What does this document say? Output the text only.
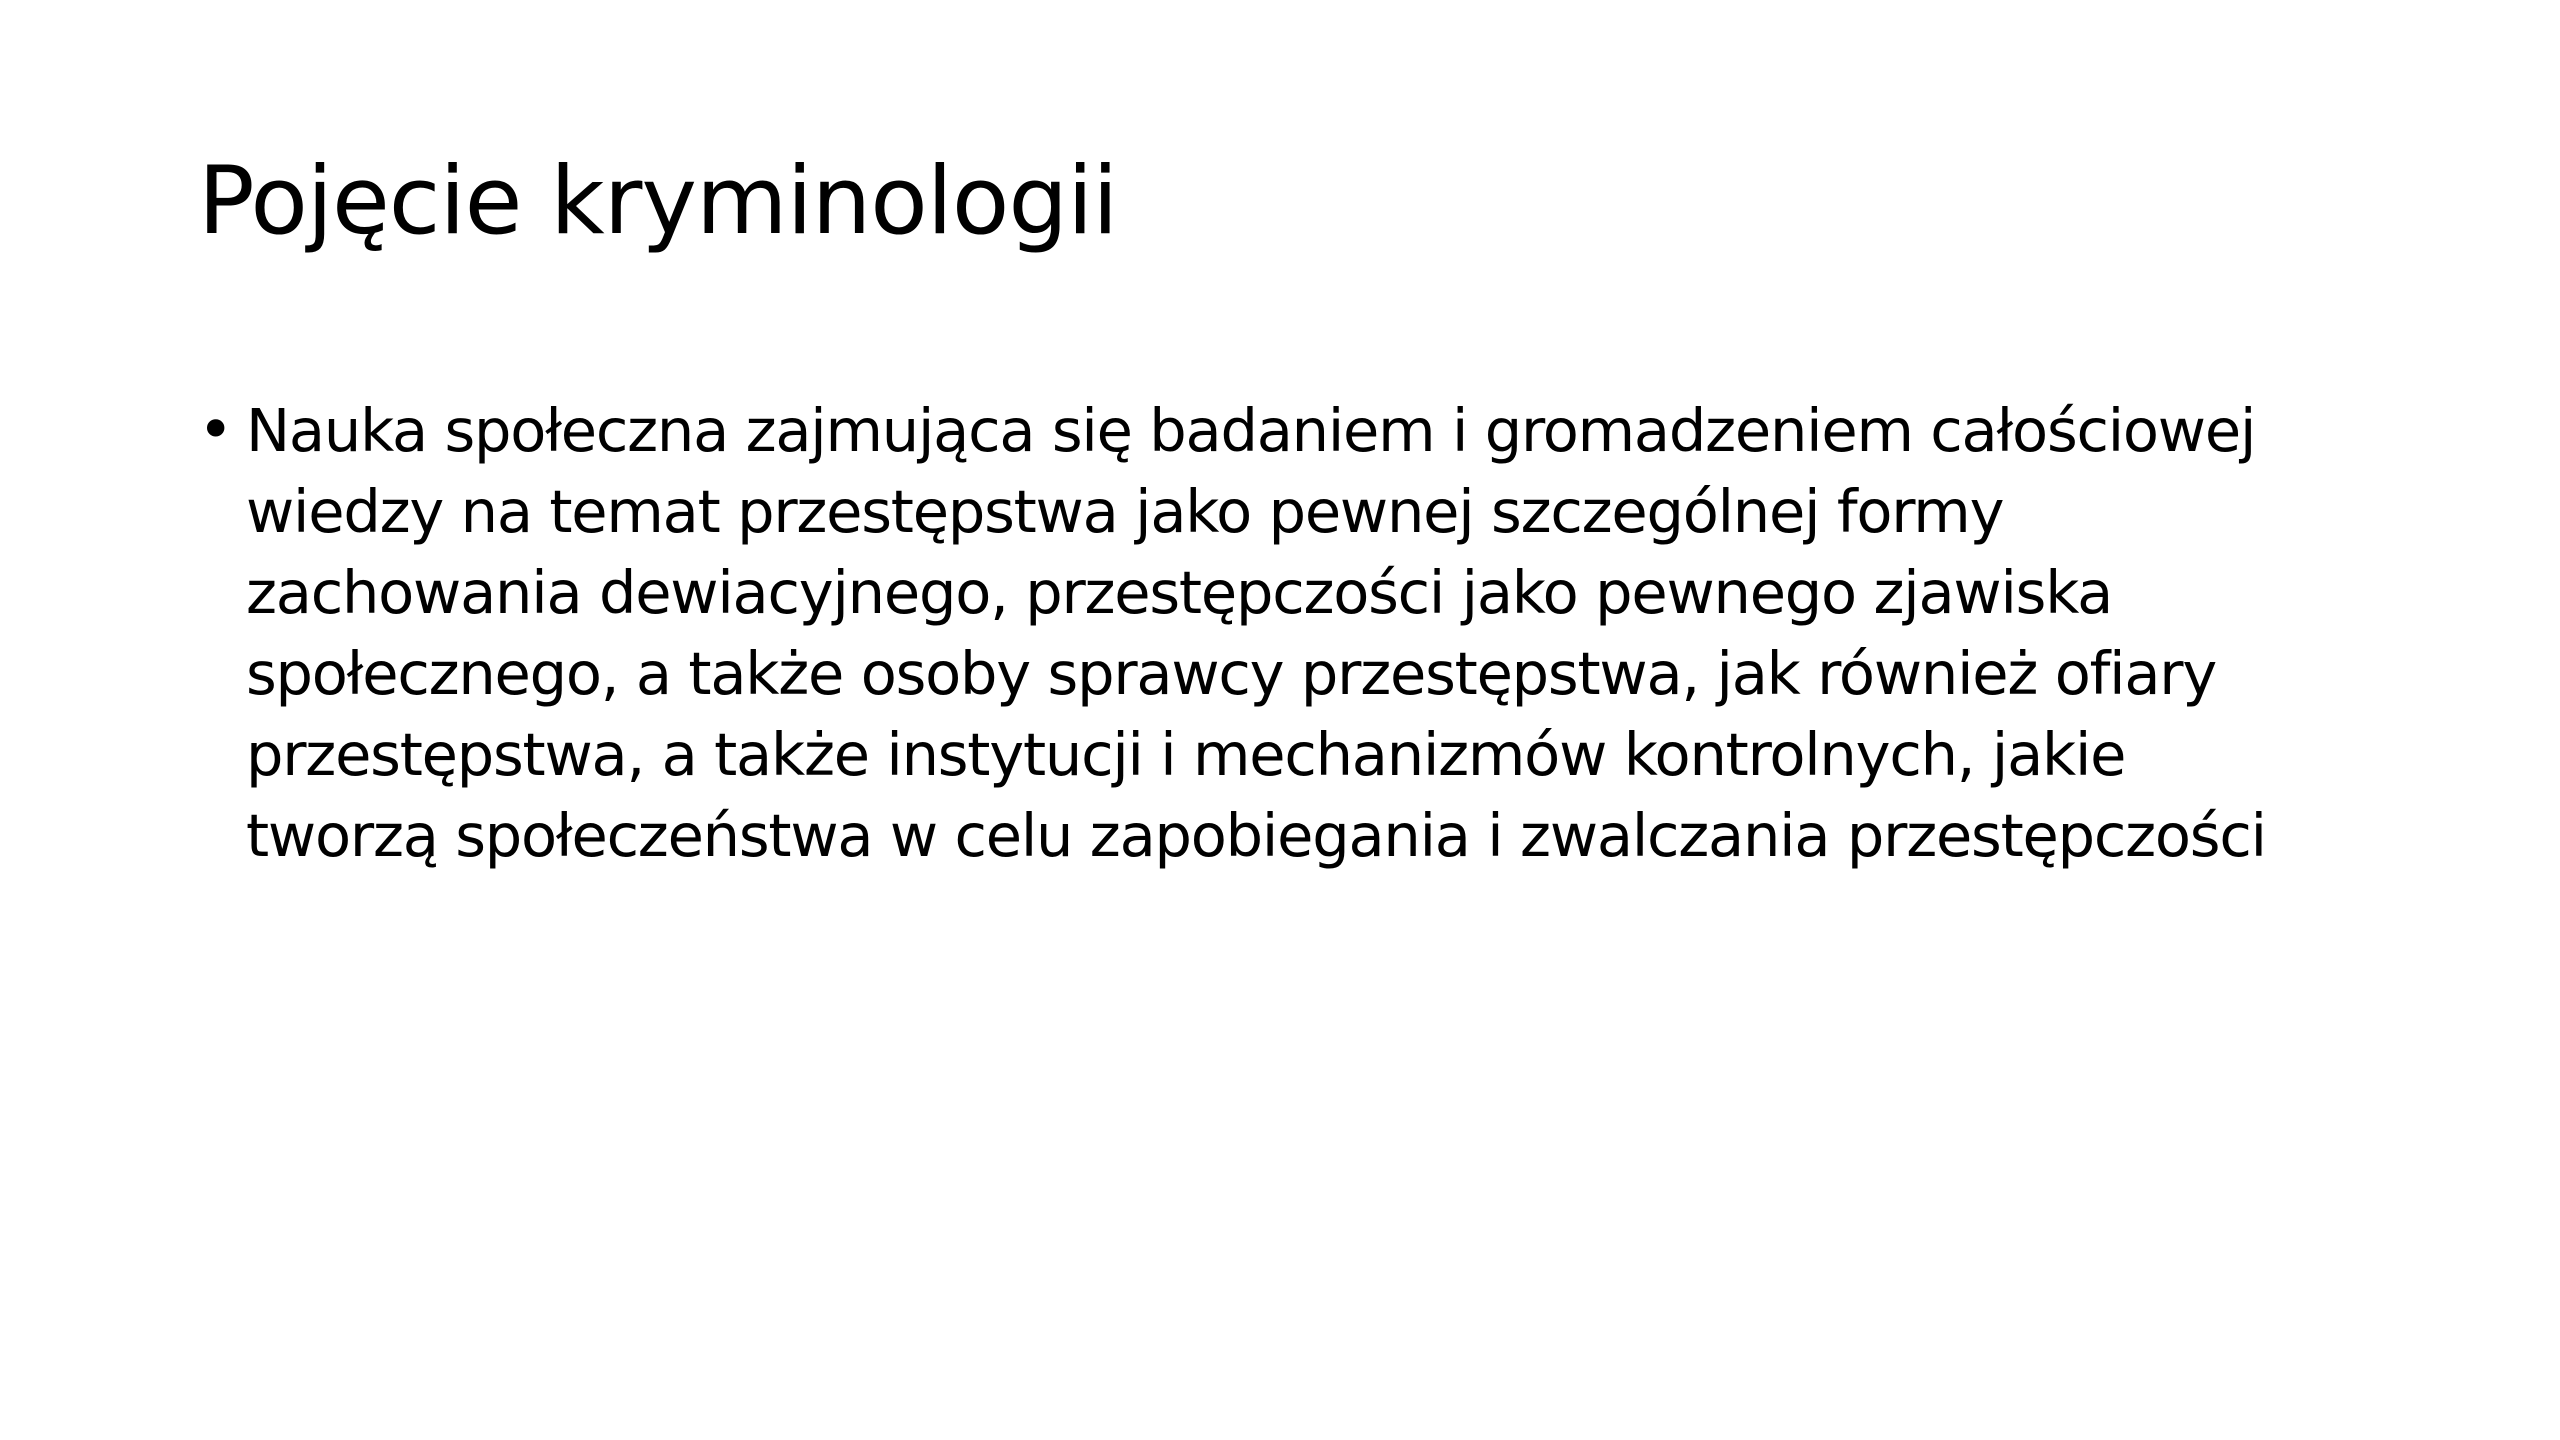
Pojęcie kryminologii
• Nauka społeczna zajmująca się badaniem i gromadzeniem całościowej
wiedzy na temat przestępstwa jako pewnej szczególnej formy
zachowania dewiacyjnego, przestępczości jako pewnego zjawiska
społecznego, a także osoby sprawcy przestępstwa, jak również ofiary
przestępstwa, a także instytucji i mechanizmów kontrolnych, jakie
tworzą społeczeństwa w celu zapobiegania i zwalczania przestępczości
